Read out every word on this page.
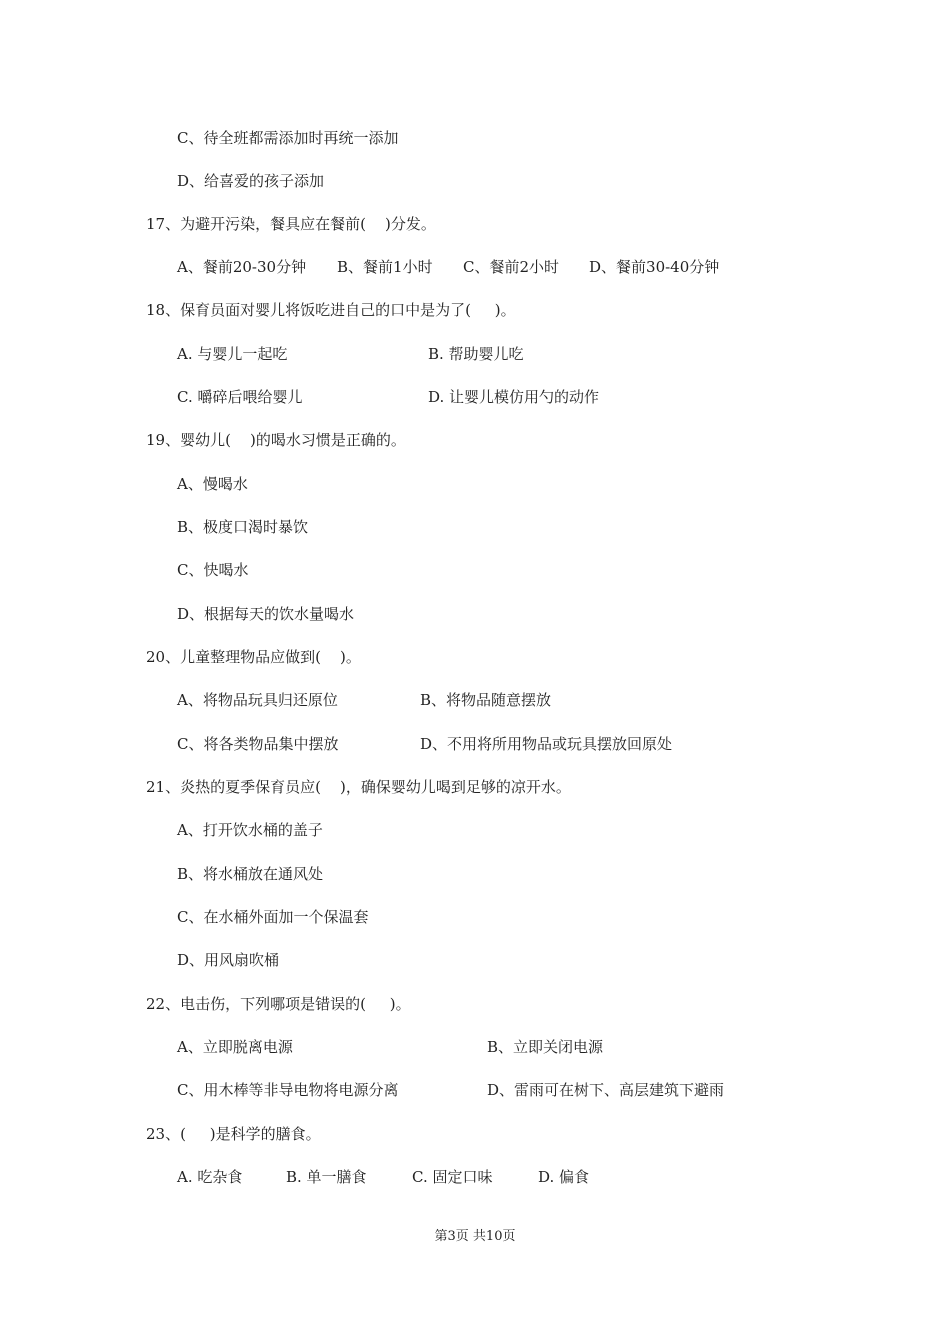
C、待全班都需添加时再统一添加
D、给喜爱的孩子添加
17、为避开污染，餐具应在餐前(    )分发。
A、餐前20-30分钟 B、餐前1小时 C、餐前2小时 D、餐前30-40分钟
18、保育员面对婴儿将饭吃进自己的口中是为了(     )。
A. 与婴儿一起吃	B. 帮助婴儿吃
C. 嚼碎后喂给婴儿	D. 让婴儿模仿用勺的动作
19、婴幼儿(    )的喝水习惯是正确的。
A、慢喝水
B、极度口渴时暴饮
C、快喝水
D、根据每天的饮水量喝水
20、儿童整理物品应做到(    )。
A、将物品玩具归还原位	B、将物品随意摆放
C、将各类物品集中摆放	D、不用将所用物品或玩具摆放回原处
21、炎热的夏季保育员应(    )，确保婴幼儿喝到足够的凉开水。
A、打开饮水桶的盖子
B、将水桶放在通风处
C、在水桶外面加一个保温套
D、用风扇吹桶
22、电击伤，下列哪项是错误的(     )。
A、立即脱离电源	B、立即关闭电源
C、用木棒等非导电物将电源分离	D、雷雨可在树下、高层建筑下避雨
23、(     )是科学的膳食。
A. 吃杂食	B. 单一膳食	C. 固定口味	D. 偏食
第3页 共10页
